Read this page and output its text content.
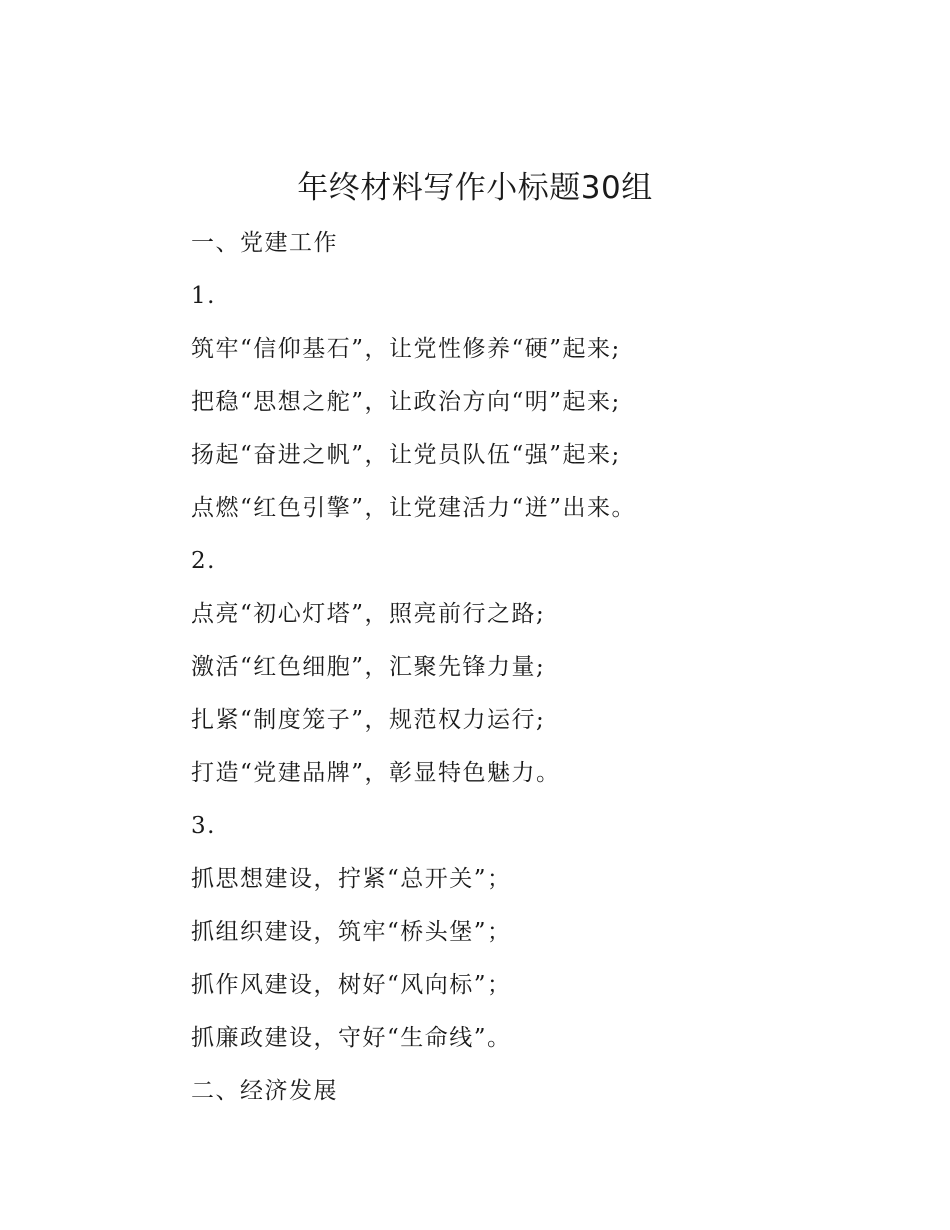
年终材料写作小标题30组
一、党建工作
1.
筑牢“信仰基石”，让党性修养“硬”起来;
把稳“思想之舵”，让政治方向“明”起来;
扬起“奋进之帆”，让党员队伍“强”起来;
点燃“红色引擎”，让党建活力“迸”出来。
2.
点亮“初心灯塔”，照亮前行之路;
激活“红色细胞”，汇聚先锋力量;
扎紧“制度笼子”，规范权力运行;
打造“党建品牌”，彰显特色魅力。
3.
抓思想建设，拧紧“总开关”；
抓组织建设，筑牢“桥头堡”；
抓作风建设，树好“风向标”；
抓廉政建设，守好“生命线”。
二、经济发展
